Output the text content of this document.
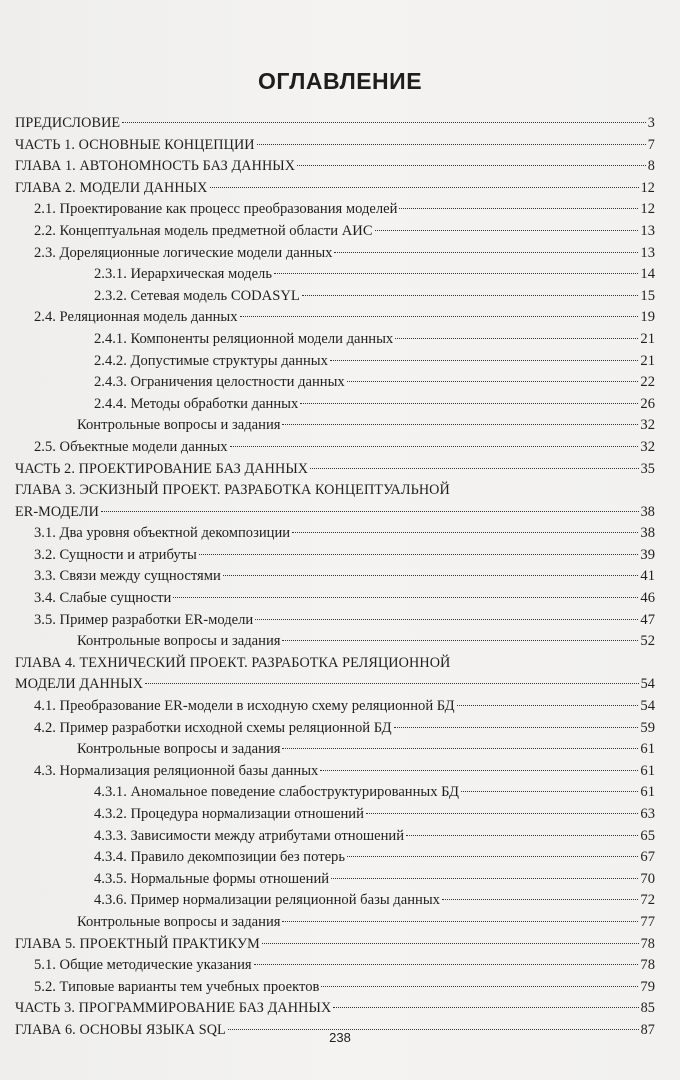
ОГЛАВЛЕНИЕ
ПРЕДИСЛОВИЕ	3
ЧАСТЬ 1. ОСНОВНЫЕ КОНЦЕПЦИИ	7
ГЛАВА 1. АВТОНОМНОСТЬ БАЗ ДАННЫХ	8
ГЛАВА 2. МОДЕЛИ ДАННЫХ	12
2.1. Проектирование как процесс преобразования моделей	12
2.2. Концептуальная модель предметной области АИС	13
2.3. Дореляционные логические модели данных	13
2.3.1. Иерархическая модель	14
2.3.2. Сетевая модель CODASYL	15
2.4. Реляционная модель данных	19
2.4.1. Компоненты реляционной модели данных	21
2.4.2. Допустимые структуры данных	21
2.4.3. Ограничения целостности данных	22
2.4.4. Методы обработки данных	26
Контрольные вопросы и задания	32
2.5. Объектные модели данных	32
ЧАСТЬ 2. ПРОЕКТИРОВАНИЕ БАЗ ДАННЫХ	35
ГЛАВА 3. ЭСКИЗНЫЙ ПРОЕКТ. РАЗРАБОТКА КОНЦЕПТУАЛЬНОЙ
ER-МОДЕЛИ	38
3.1. Два уровня объектной декомпозиции	38
3.2. Сущности и атрибуты	39
3.3. Связи между сущностями	41
3.4. Слабые сущности	46
3.5. Пример разработки ER-модели	47
Контрольные вопросы и задания	52
ГЛАВА 4. ТЕХНИЧЕСКИЙ ПРОЕКТ. РАЗРАБОТКА РЕЛЯЦИОННОЙ
МОДЕЛИ ДАННЫХ	54
4.1. Преобразование ER-модели в исходную схему реляционной БД	54
4.2. Пример разработки исходной схемы реляционной БД	59
Контрольные вопросы и задания	61
4.3. Нормализация реляционной базы данных	61
4.3.1. Аномальное поведение слабоструктурированных БД	61
4.3.2. Процедура нормализации отношений	63
4.3.3. Зависимости между атрибутами отношений	65
4.3.4. Правило декомпозиции без потерь	67
4.3.5. Нормальные формы отношений	70
4.3.6. Пример нормализации реляционной базы данных	72
Контрольные вопросы и задания	77
ГЛАВА 5. ПРОЕКТНЫЙ ПРАКТИКУМ	78
5.1. Общие методические указания	78
5.2. Типовые варианты тем учебных проектов	79
ЧАСТЬ 3. ПРОГРАММИРОВАНИЕ БАЗ ДАННЫХ	85
ГЛАВА 6. ОСНОВЫ ЯЗЫКА SQL	87
238
